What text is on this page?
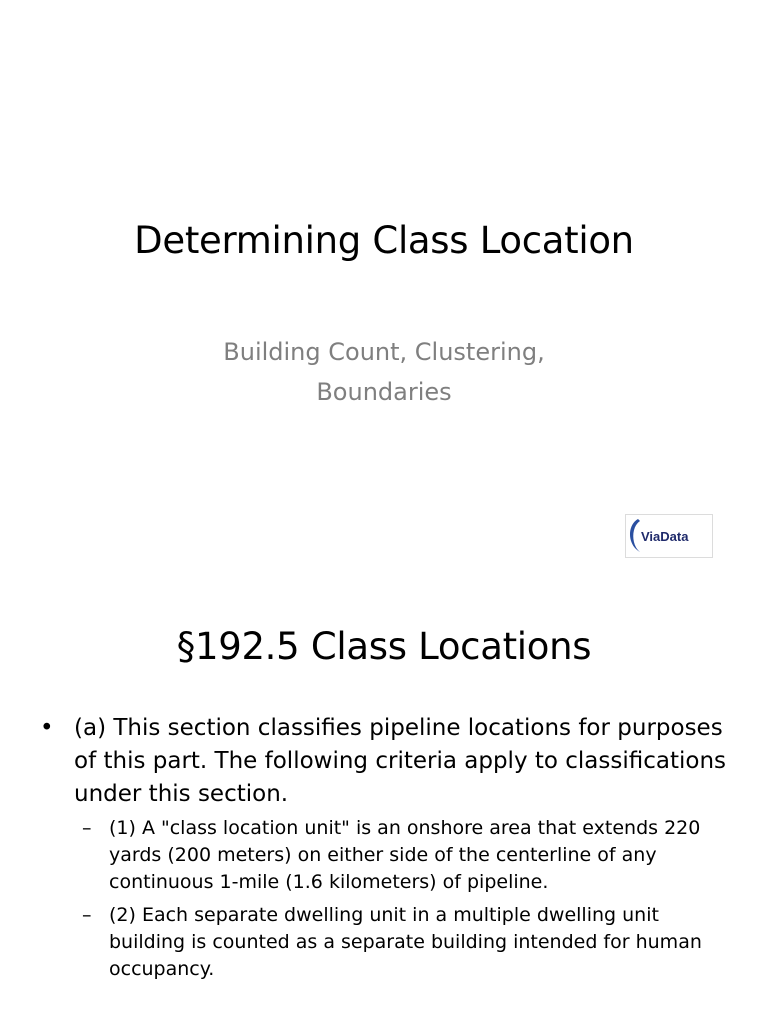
Determining Class Location
Building Count, Clustering,
Boundaries
ViaData
§192.5 Class Locations
• (a) This section classifies pipeline locations for purposes of this part. The following criteria apply to classifications under this section.
– (1) A "class location unit" is an onshore area that extends 220 yards (200 meters) on either side of the centerline of any continuous 1-mile (1.6 kilometers) of pipeline.
– (2) Each separate dwelling unit in a multiple dwelling unit building is counted as a separate building intended for human occupancy.
